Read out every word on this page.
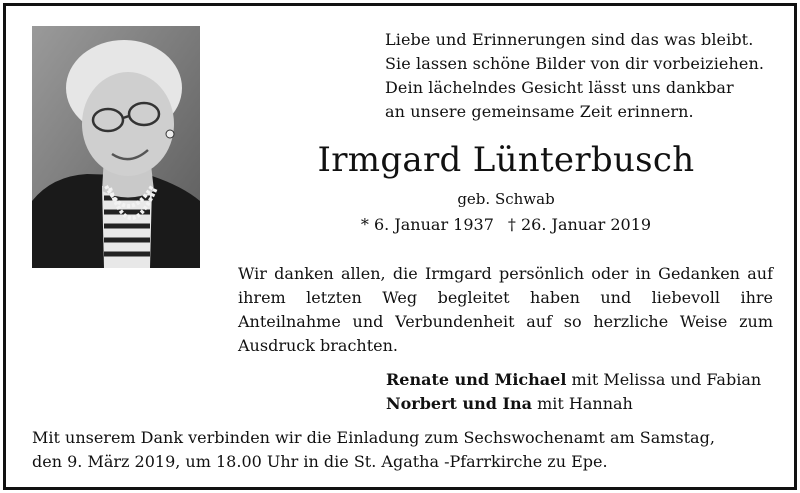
Liebe und Erinnerungen sind das was bleibt.
Sie lassen schöne Bilder von dir vorbeiziehen.
Dein lächelndes Gesicht lässt uns dankbar
an unsere gemeinsame Zeit erinnern.
Irmgard Lünterbusch
geb. Schwab
* 6. Januar 1937 † 26. Januar 2019
Wir danken allen, die Irmgard persönlich oder in Gedanken auf ihrem letzten Weg begleitet haben und liebevoll ihre Anteilnahme und Verbundenheit auf so herzliche Weise zum Ausdruck brachten.
Renate und Michael mit Melissa und Fabian
Norbert und Ina mit Hannah
Mit unserem Dank verbinden wir die Einladung zum Sechswochenamt am Samstag,
den 9. März 2019, um 18.00 Uhr in die St. Agatha -Pfarrkirche zu Epe.
